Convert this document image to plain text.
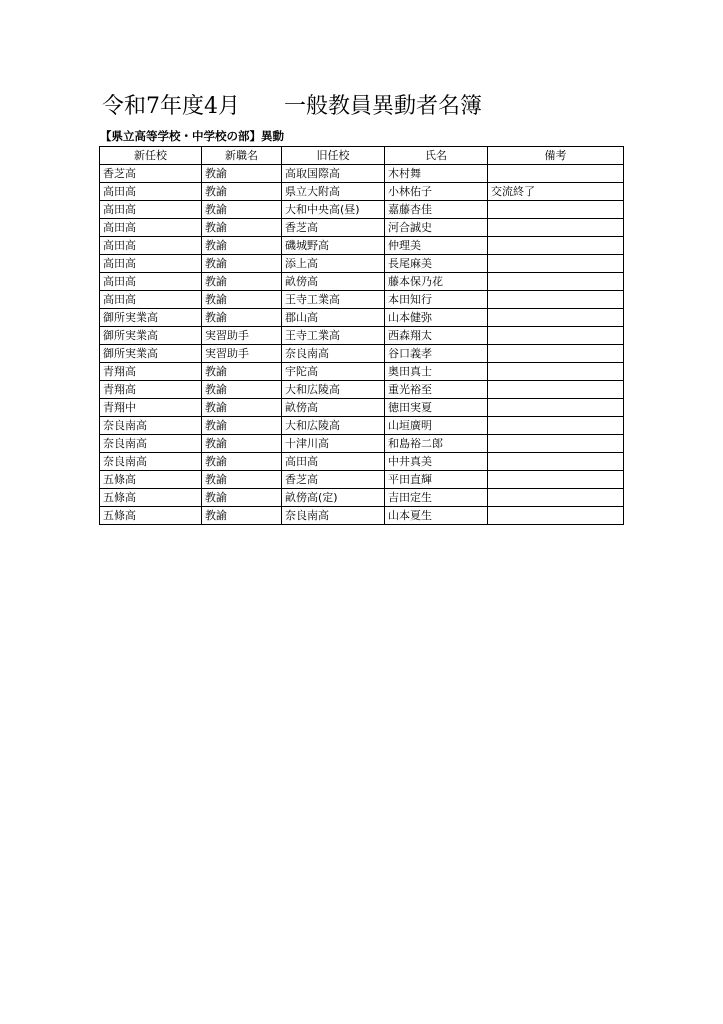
令和7年度4月　　一般教員異動者名簿
【県立高等学校・中学校の部】異動
新任校	新職名	旧任校	氏名	備考
香芝高	教諭	高取国際高	木村舞	
高田高	教諭	県立大附高	小林佑子	交流終了
高田高	教諭	大和中央高(昼)	嘉藤杏佳	
高田高	教諭	香芝高	河合誠史	
高田高	教諭	磯城野高	仲理美	
高田高	教諭	添上高	長尾麻美	
高田高	教諭	畝傍高	藤本保乃花	
高田高	教諭	王寺工業高	本田知行	
御所実業高	教諭	郡山高	山本健弥	
御所実業高	実習助手	王寺工業高	西森翔太	
御所実業高	実習助手	奈良南高	谷口義孝	
青翔高	教諭	宇陀高	奥田真士	
青翔高	教諭	大和広陵高	重光裕至	
青翔中	教諭	畝傍高	徳田実夏	
奈良南高	教諭	大和広陵高	山垣廣明	
奈良南高	教諭	十津川高	和島裕二郎	
奈良南高	教諭	高田高	中井真美	
五條高	教諭	香芝高	平田直輝	
五條高	教諭	畝傍高(定)	吉田定生	
五條高	教諭	奈良南高	山本夏生	
